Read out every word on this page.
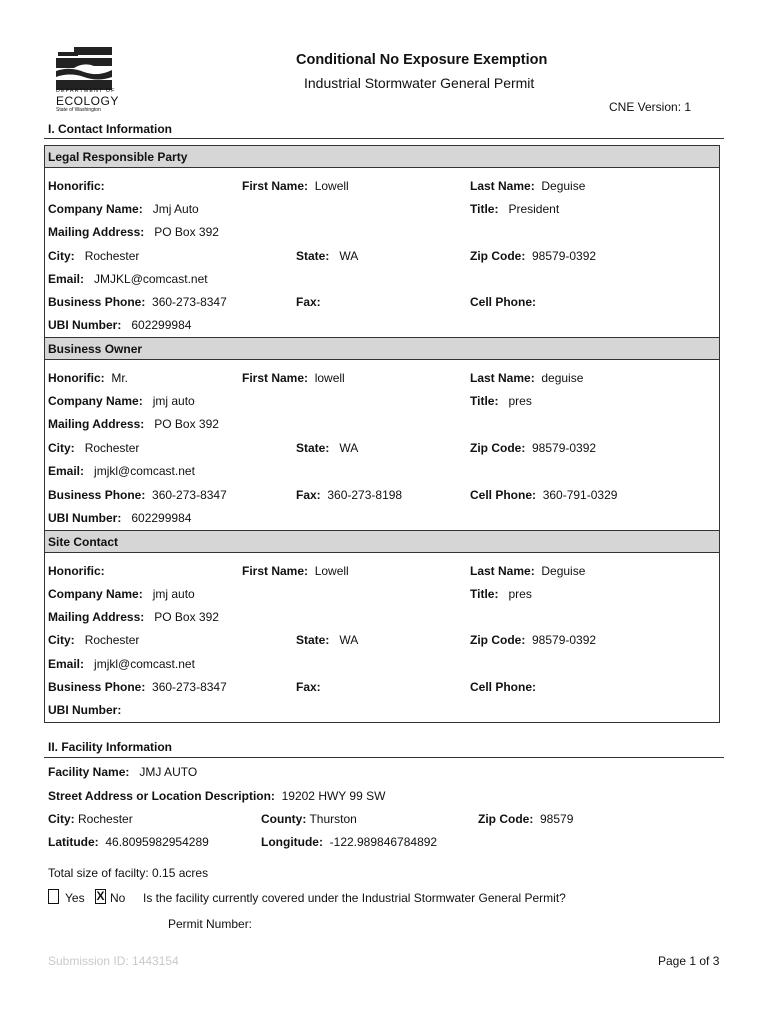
DEPARTMENT OF
ECOLOGY
State of Washington
Conditional No Exposure Exemption
Industrial Stormwater General Permit
CNE Version: 1
I. Contact Information
Legal Responsible Party
Honorific:	First Name: Lowell	Last Name: Deguise
Company Name: Jmj Auto	Title: President
Mailing Address: PO Box 392
City: Rochester	State: WA	Zip Code: 98579-0392
Email: JMJKL@comcast.net
Business Phone: 360-273-8347	Fax:	Cell Phone:
UBI Number: 602299984
Business Owner
Honorific: Mr.	First Name: lowell	Last Name: deguise
Company Name: jmj auto	Title: pres
Mailing Address: PO Box 392
City: Rochester	State: WA	Zip Code: 98579-0392
Email: jmjkl@comcast.net
Business Phone: 360-273-8347	Fax: 360-273-8198	Cell Phone: 360-791-0329
UBI Number: 602299984
Site Contact
Honorific:	First Name: Lowell	Last Name: Deguise
Company Name: jmj auto	Title: pres
Mailing Address: PO Box 392
City: Rochester	State: WA	Zip Code: 98579-0392
Email: jmjkl@comcast.net
Business Phone: 360-273-8347	Fax:	Cell Phone:
UBI Number:
II. Facility Information
Facility Name: JMJ AUTO
Street Address or Location Description: 19202 HWY 99 SW
City: Rochester	County: Thurston	Zip Code: 98579
Latitude: 46.8095982954289	Longitude: -122.989846784892
Total size of facilty: 0.15 acres
Yes X No Is the facility currently covered under the Industrial Stormwater General Permit?
Permit Number:
Submission ID: 1443154	Page 1 of 3
